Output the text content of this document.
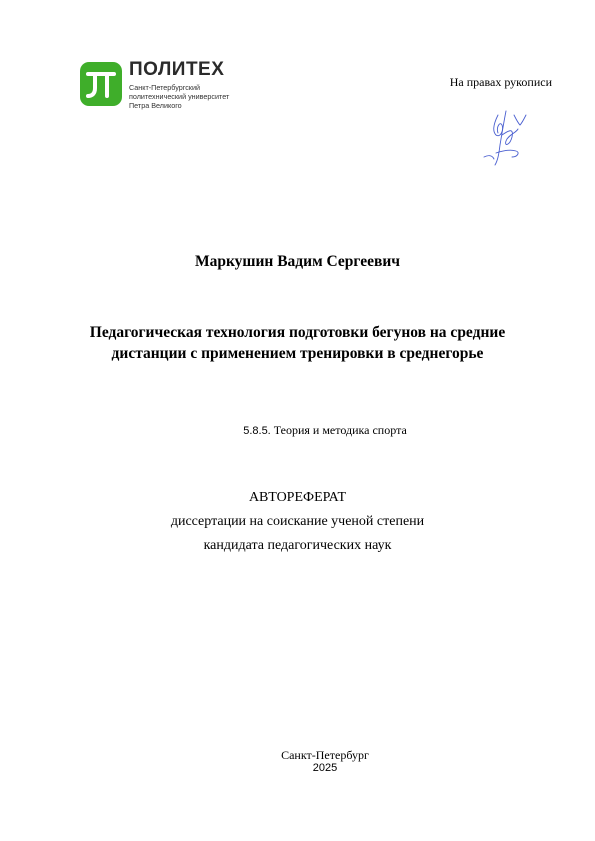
ПОЛИТЕХ
Санкт-Петербургский
политехнический университет
Петра Великого
На правах рукописи
Маркушин Вадим Сергеевич
Педагогическая технология подготовки бегунов на средние
дистанции с применением тренировки в среднегорье
5.8.5. Теория и методика спорта
АВТОРЕФЕРАТ
диссертации на соискание ученой степени
кандидата педагогических наук
Санкт-Петербург
2025
